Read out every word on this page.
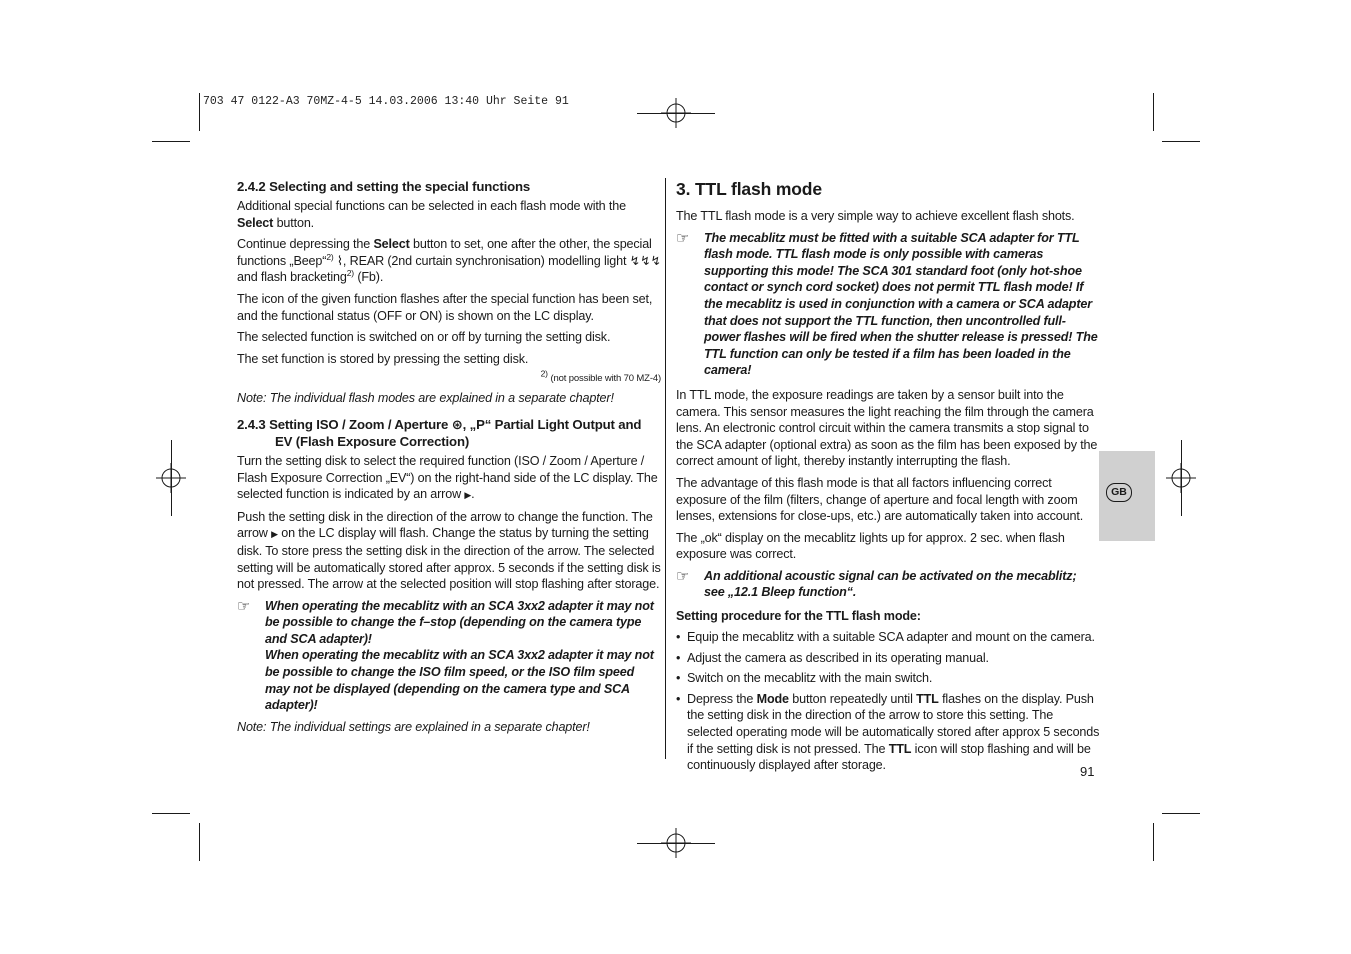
703 47 0122-A3 70MZ-4-5 14.03.2006 13:40 Uhr Seite 91
2.4.2 Selecting and setting the special functions

Additional special functions can be selected in each flash mode with the Select button.

Continue depressing the Select button to set, one after the other, the special functions „Beep“$^{2)}$ ⌇, REAR (2nd curtain synchronisation) modelling light ↯↯↯ and flash bracketing$^{2)}$ (Fb).

The icon of the given function flashes after the special function has been set, and the functional status (OFF or ON) is shown on the LC display.

The selected function is switched on or off by turning the setting disk.

The set function is stored by pressing the setting disk.

$^{2)}$ (not possible with 70 MZ-4)

Note: The individual flash modes are explained in a separate chapter!

2.4.3 Setting ISO / Zoom / Aperture ⊛, „P“ Partial Light Output and EV (Flash Exposure Correction)

Turn the setting disk to select the required function (ISO / Zoom / Aperture / Flash Exposure Correction „EV“) on the right-hand side of the LC display. The selected function is indicated by an arrow ▶.

Push the setting disk in the direction of the arrow to change the function. The arrow ▶ on the LC display will flash. Change the status by turning the setting disk. To store press the setting disk in the direction of the arrow. The selected setting will be automatically stored after approx. 5 seconds if the setting disk is not pressed. The arrow at the selected position will stop flashing after storage.

☞ When operating the mecablitz with an SCA 3xx2 adapter it may not be possible to change the f–stop (depending on the camera type and SCA adapter)!
When operating the mecablitz with an SCA 3xx2 adapter it may not be possible to change the ISO film speed, or the ISO film speed may not be displayed (depending on the camera type and SCA adapter)!

Note: The individual settings are explained in a separate chapter!

3. TTL flash mode

The TTL flash mode is a very simple way to achieve excellent flash shots.

☞ The mecablitz must be fitted with a suitable SCA adapter for TTL flash mode. TTL flash mode is only possible with cameras supporting this mode! The SCA 301 standard foot (only hot-shoe contact or synch cord socket) does not permit TTL flash mode! If the mecablitz is used in conjunction with a camera or SCA adapter that does not support the TTL function, then uncontrolled full-power flashes will be fired when the shutter release is pressed! The TTL function can only be tested if a film has been loaded in the camera!

In TTL mode, the exposure readings are taken by a sensor built into the camera. This sensor measures the light reaching the film through the camera lens. An electronic control circuit within the camera transmits a stop signal to the SCA adapter (optional extra) as soon as the film has been exposed by the correct amount of light, thereby instantly interrupting the flash.

The advantage of this flash mode is that all factors influencing correct exposure of the film (filters, change of aperture and focal length with zoom lenses, extensions for close-ups, etc.) are automatically taken into account.

The „ok“ display on the mecablitz lights up for approx. 2 sec. when flash exposure was correct.

☞ An additional acoustic signal can be activated on the mecablitz; see „12.1 Bleep function“.
Setting procedure for the TTL flash mode:
• Equip the mecablitz with a suitable SCA adapter and mount on the camera.
• Adjust the camera as described in its operating manual.
• Switch on the mecablitz with the main switch.
• Depress the Mode button repeatedly until TTL flashes on the display. Push the setting disk in the direction of the arrow to store this setting. The selected operating mode will be automatically stored after approx 5 seconds if the setting disk is not pressed. The TTL icon will stop flashing and will be continuously displayed after storage.	91
GB
